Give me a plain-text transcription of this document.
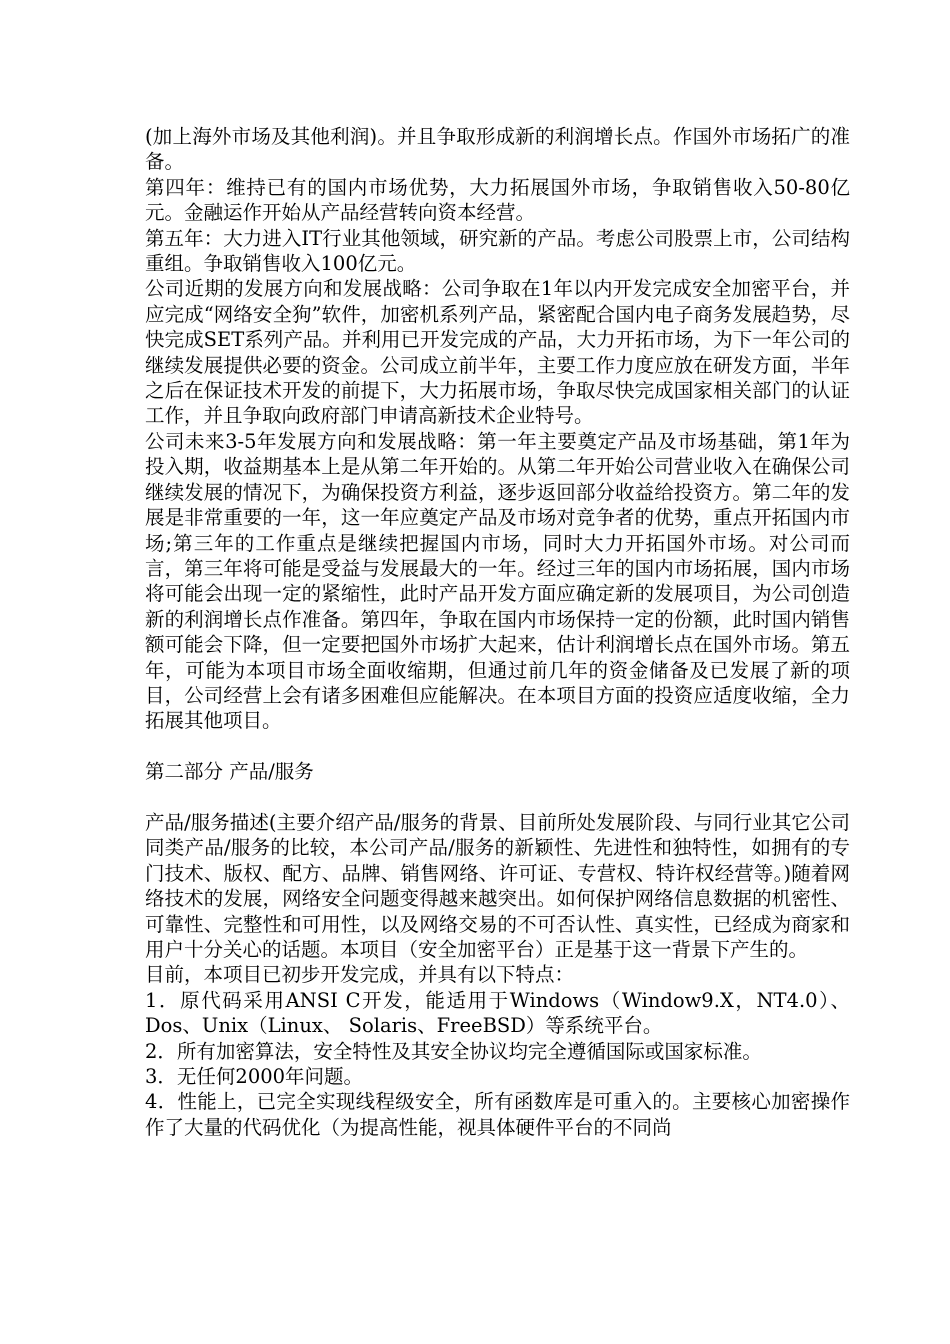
(加上海外市场及其他利润)。并且争取形成新的利润增长点。作国外市场拓广的准备。

第四年：维持已有的国内市场优势，大力拓展国外市场，争取销售收入50-80亿元。金融运作开始从产品经营转向资本经营。

第五年：大力进入IT行业其他领域，研究新的产品。考虑公司股票上市，公司结构重组。争取销售收入100亿元。

公司近期的发展方向和发展战略：公司争取在1年以内开发完成安全加密平台，并应完成“网络安全狗”软件，加密机系列产品，紧密配合国内电子商务发展趋势，尽快完成SET系列产品。并利用已开发完成的产品，大力开拓市场，为下一年公司的继续发展提供必要的资金。公司成立前半年，主要工作力度应放在研发方面，半年之后在保证技术开发的前提下，大力拓展市场，争取尽快完成国家相关部门的认证工作，并且争取向政府部门申请高新技术企业特号。

公司未来3-5年发展方向和发展战略：第一年主要奠定产品及市场基础，第1年为投入期，收益期基本上是从第二年开始的。从第二年开始公司营业收入在确保公司继续发展的情况下，为确保投资方利益，逐步返回部分收益给投资方。第二年的发展是非常重要的一年，这一年应奠定产品及市场对竞争者的优势，重点开拓国内市场;第三年的工作重点是继续把握国内市场，同时大力开拓国外市场。对公司而言，第三年将可能是受益与发展最大的一年。经过三年的国内市场拓展，国内市场将可能会出现一定的紧缩性，此时产品开发方面应确定新的发展项目，为公司创造新的利润增长点作准备。第四年，争取在国内市场保持一定的份额，此时国内销售额可能会下降，但一定要把国外市场扩大起来，估计利润增长点在国外市场。第五年，可能为本项目市场全面收缩期，但通过前几年的资金储备及已发展了新的项目，公司经营上会有诸多困难但应能解决。在本项目方面的投资应适度收缩，全力拓展其他项目。

第二部分 产品/服务

产品/服务描述(主要介绍产品/服务的背景、目前所处发展阶段、与同行业其它公司同类产品/服务的比较，本公司产品/服务的新颖性、先进性和独特性，如拥有的专门技术、版权、配方、品牌、销售网络、许可证、专营权、特许权经营等。)随着网络技术的发展，网络安全问题变得越来越突出。如何保护网络信息数据的机密性、可靠性、完整性和可用性，以及网络交易的不可否认性、真实性，已经成为商家和用户十分关心的话题。本项目（安全加密平台）正是基于这一背景下产生的。

目前，本项目已初步开发完成，并具有以下特点：

1．原代码采用ANSI C开发，能适用于Windows（Window9.X，NT4.0）、Dos、Unix（Linux、 Solaris、FreeBSD）等系统平台。

2．所有加密算法，安全特性及其安全协议均完全遵循国际或国家标准。

3．无任何2000年问题。

4．性能上，已完全实现线程级安全，所有函数库是可重入的。主要核心加密操作作了大量的代码优化（为提高性能，视具体硬件平台的不同尚
